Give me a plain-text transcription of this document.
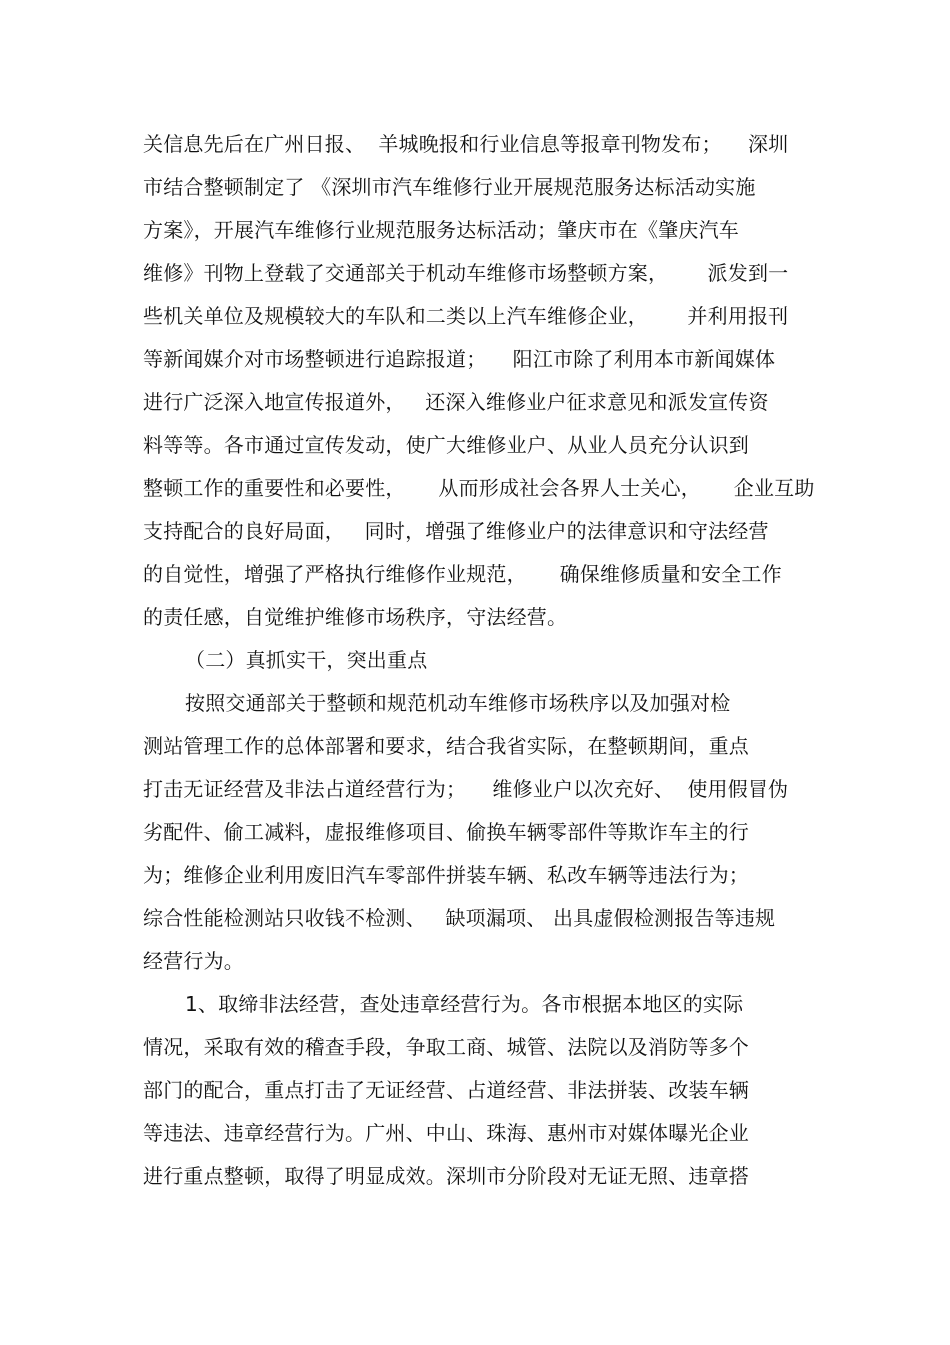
关信息先后在广州日报、  羊城晚报和行业信息等报章刊物发布；    深圳

市结合整顿制定了 《深圳市汽车维修行业开展规范服务达标活动实施

方案》，开展汽车维修行业规范服务达标活动；肇庆市在《肇庆汽车

维修》刊物上登载了交通部关于机动车维修市场整顿方案，      派发到一

些机关单位及规模较大的车队和二类以上汽车维修企业，      并利用报刊

等新闻媒介对市场整顿进行追踪报道；    阳江市除了利用本市新闻媒体

进行广泛深入地宣传报道外，   还深入维修业户征求意见和派发宣传资

料等等。各市通过宣传发动，使广大维修业户、从业人员充分认识到

整顿工作的重要性和必要性，     从而形成社会各界人士关心，     企业互助

支持配合的良好局面，   同时，增强了维修业户的法律意识和守法经营

的自觉性，增强了严格执行维修作业规范，     确保维修质量和安全工作

的责任感，自觉维护维修市场秩序，守法经营。

（二）真抓实干，突出重点

按照交通部关于整顿和规范机动车维修市场秩序以及加强对检

测站管理工作的总体部署和要求，结合我省实际，在整顿期间，重点

打击无证经营及非法占道经营行为；    维修业户以次充好、  使用假冒伪

劣配件、偷工减料，虚报维修项目、偷换车辆零部件等欺诈车主的行

为；维修企业利用废旧汽车零部件拼装车辆、私改车辆等违法行为；

综合性能检测站只收钱不检测、   缺项漏项、 出具虚假检测报告等违规

经营行为。

1、取缔非法经营，查处违章经营行为。各市根据本地区的实际

情况，采取有效的稽查手段，争取工商、城管、法院以及消防等多个

部门的配合，重点打击了无证经营、占道经营、非法拼装、改装车辆

等违法、违章经营行为。广州、中山、珠海、惠州市对媒体曝光企业

进行重点整顿，取得了明显成效。深圳市分阶段对无证无照、违章搭
